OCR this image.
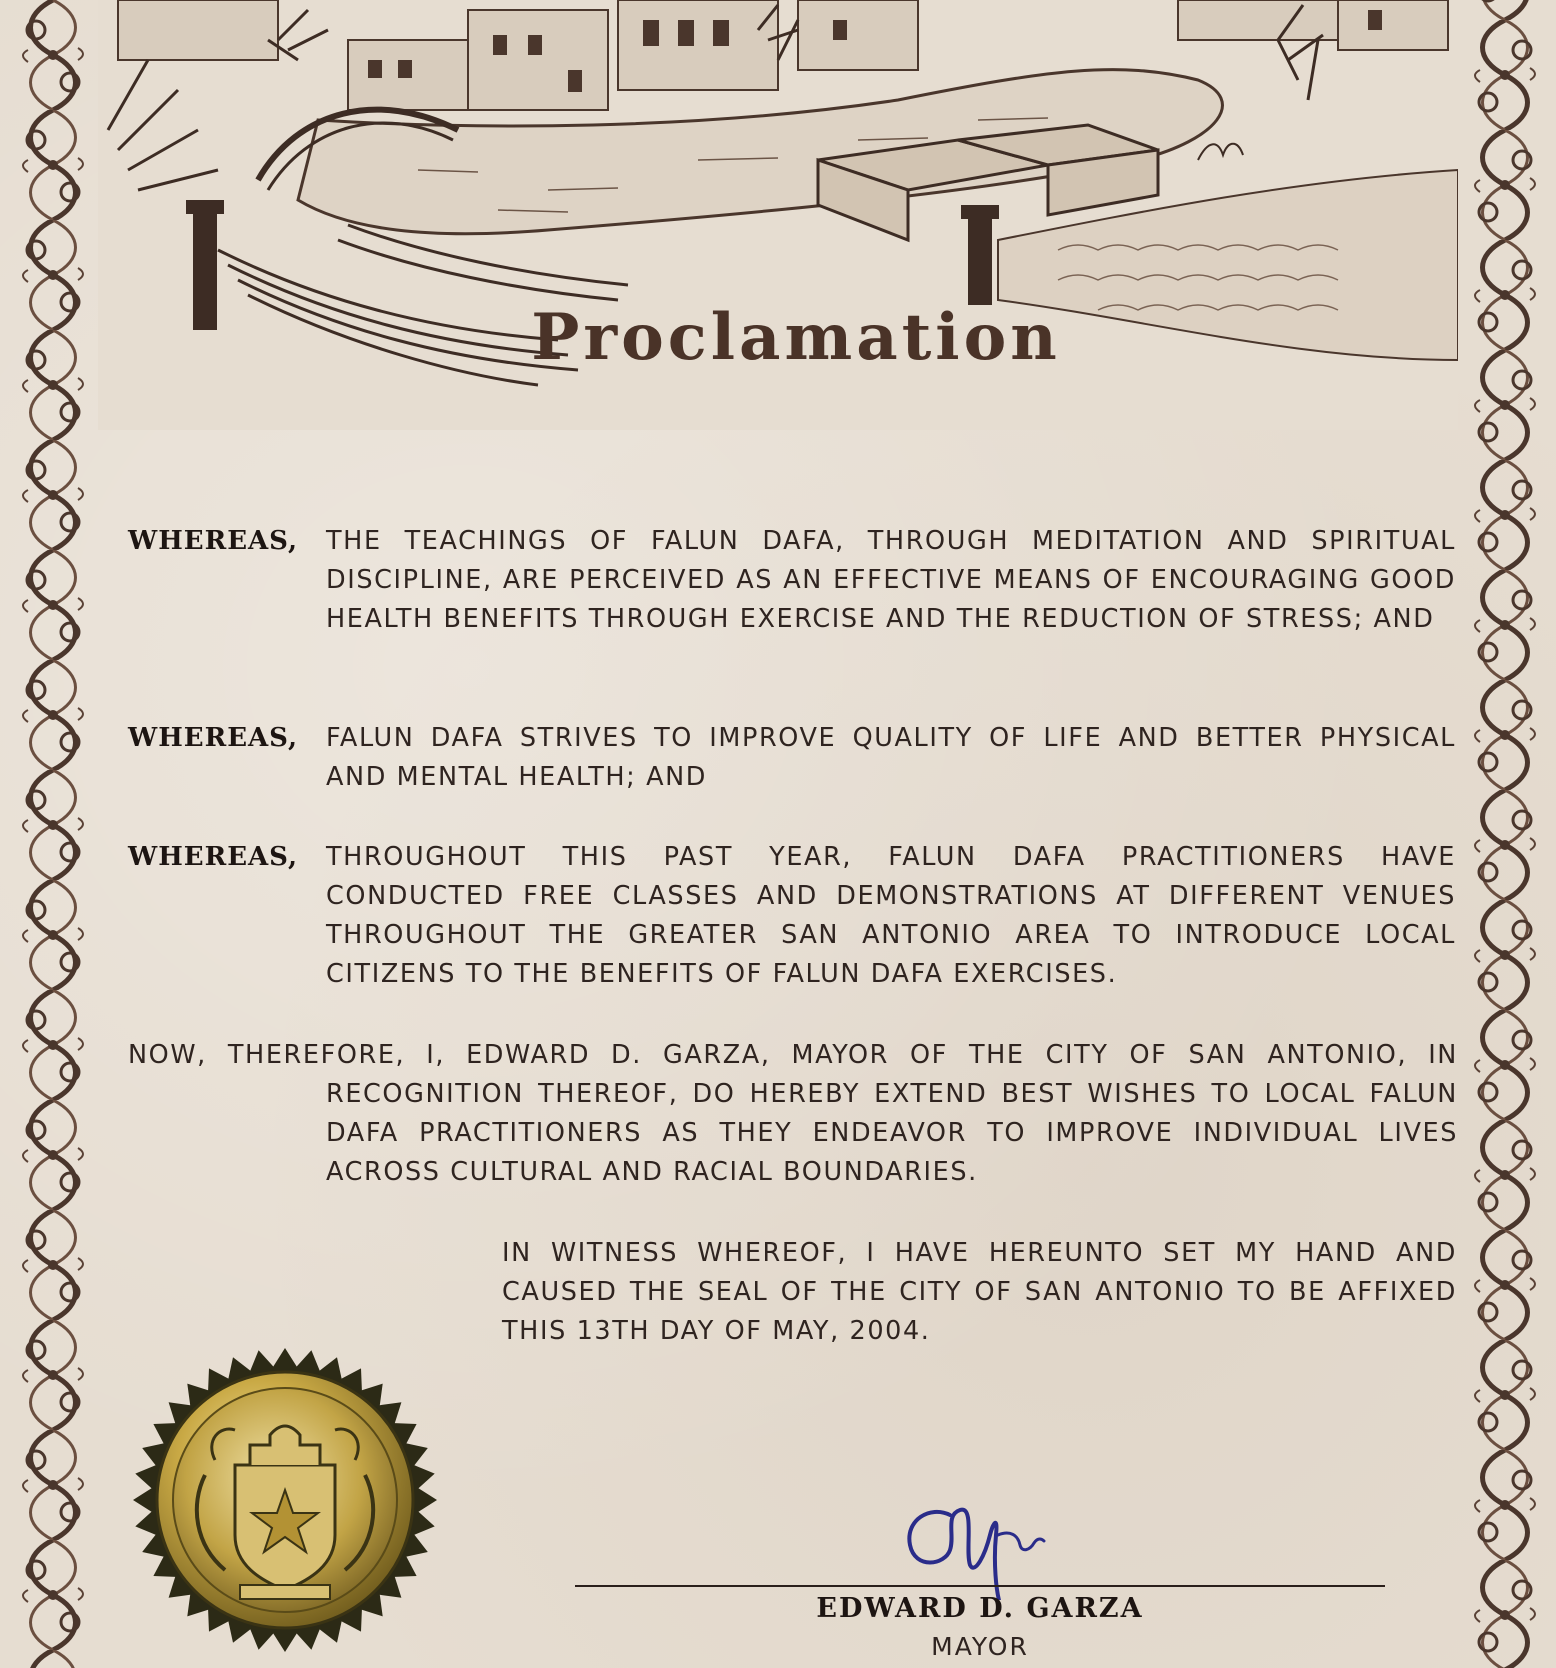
Proclamation
WHEREAS, THE TEACHINGS OF FALUN DAFA, THROUGH MEDITATION AND SPIRITUAL DISCIPLINE, ARE PERCEIVED AS AN EFFECTIVE MEANS OF ENCOURAGING GOOD HEALTH BENEFITS THROUGH EXERCISE AND THE REDUCTION OF STRESS; AND
WHEREAS, FALUN DAFA STRIVES TO IMPROVE QUALITY OF LIFE AND BETTER PHYSICAL AND MENTAL HEALTH; AND
WHEREAS, THROUGHOUT THIS PAST YEAR, FALUN DAFA PRACTITIONERS HAVE CONDUCTED FREE CLASSES AND DEMONSTRATIONS AT DIFFERENT VENUES THROUGHOUT THE GREATER SAN ANTONIO AREA TO INTRODUCE LOCAL CITIZENS TO THE BENEFITS OF FALUN DAFA EXERCISES.
NOW, THEREFORE, I, EDWARD D. GARZA, MAYOR OF THE CITY OF SAN ANTONIO, IN
RECOGNITION THEREOF, DO HEREBY EXTEND BEST WISHES TO LOCAL FALUN DAFA PRACTITIONERS AS THEY ENDEAVOR TO IMPROVE INDIVIDUAL LIVES ACROSS CULTURAL AND RACIAL BOUNDARIES.
IN WITNESS WHEREOF, I HAVE HEREUNTO SET MY HAND AND CAUSED THE SEAL OF THE CITY OF SAN ANTONIO TO BE AFFIXED THIS 13TH DAY OF MAY, 2004.
EDWARD D. GARZA
MAYOR
